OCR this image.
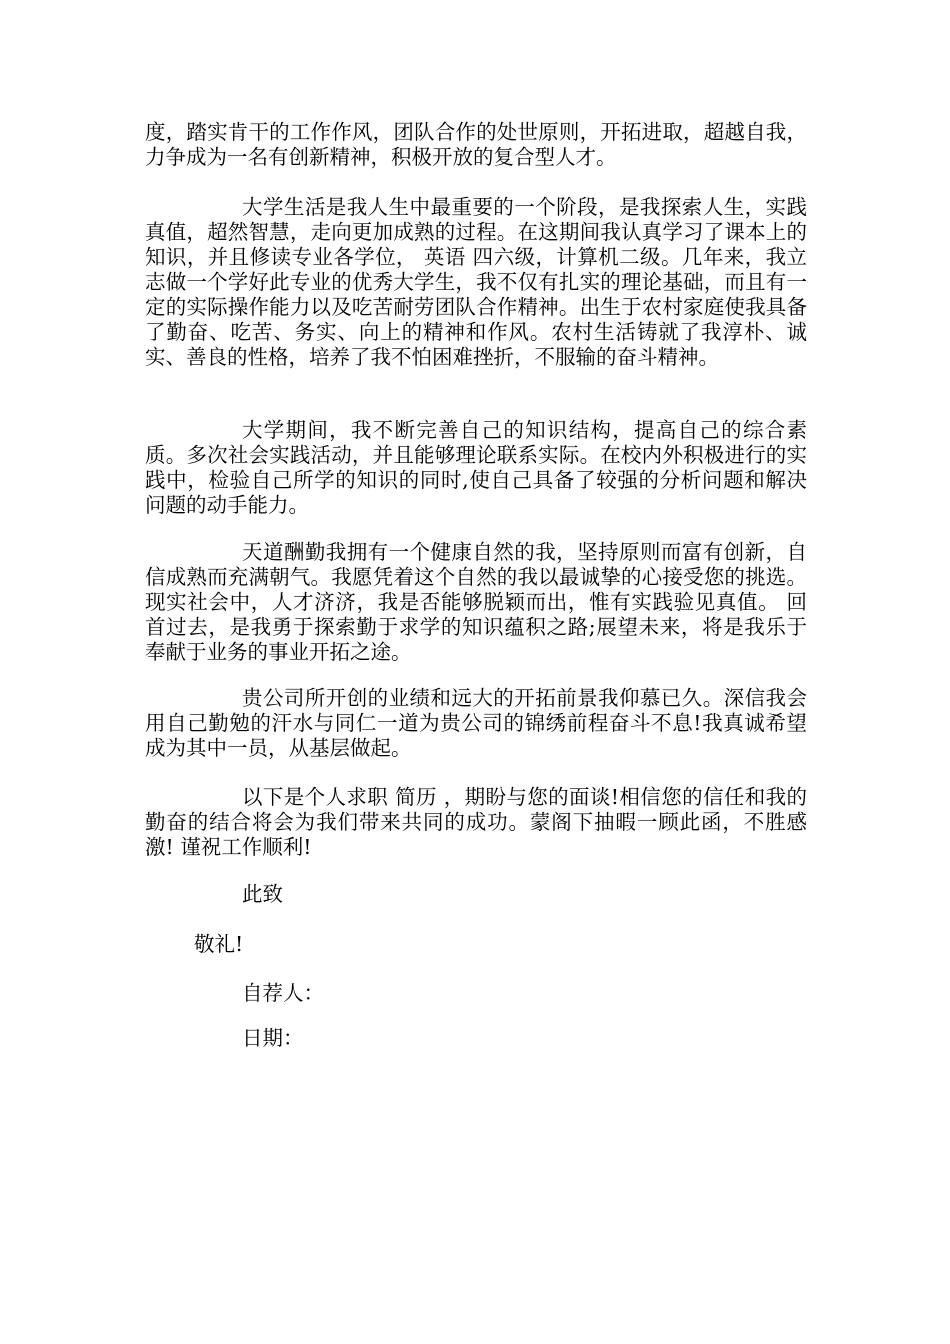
度，踏实肯干的工作作风，团队合作的处世原则，开拓进取，超越自我，力争成为一名有创新精神，积极开放的复合型人才。

大学生活是我人生中最重要的一个阶段，是我探索人生，实践真值，超然智慧，走向更加成熟的过程。在这期间我认真学习了课本上的知识，并且修读专业各学位， 英语 四六级，计算机二级。几年来，我立志做一个学好此专业的优秀大学生，我不仅有扎实的理论基础，而且有一定的实际操作能力以及吃苦耐劳团队合作精神。出生于农村家庭使我具备了勤奋、吃苦、务实、向上的精神和作风。农村生活铸就了我淳朴、诚实、善良的性格，培养了我不怕困难挫折，不服输的奋斗精神。

大学期间，我不断完善自己的知识结构，提高自己的综合素质。多次社会实践活动，并且能够理论联系实际。在校内外积极进行的实践中，检验自己所学的知识的同时,使自己具备了较强的分析问题和解决问题的动手能力。

天道酬勤我拥有一个健康自然的我，坚持原则而富有创新，自信成熟而充满朝气。我愿凭着这个自然的我以最诚挚的心接受您的挑选。现实社会中，人才济济，我是否能够脱颖而出，惟有实践验见真值。 回首过去，是我勇于探索勤于求学的知识蕴积之路;展望未来，将是我乐于奉献于业务的事业开拓之途。

贵公司所开创的业绩和远大的开拓前景我仰慕已久。深信我会用自己勤勉的汗水与同仁一道为贵公司的锦绣前程奋斗不息!我真诚希望成为其中一员，从基层做起。

以下是个人求职 简历 ，期盼与您的面谈!相信您的信任和我的勤奋的结合将会为我们带来共同的成功。蒙阁下抽暇一顾此函，不胜感激! 谨祝工作顺利!

此致

敬礼!

自荐人：

日期：
